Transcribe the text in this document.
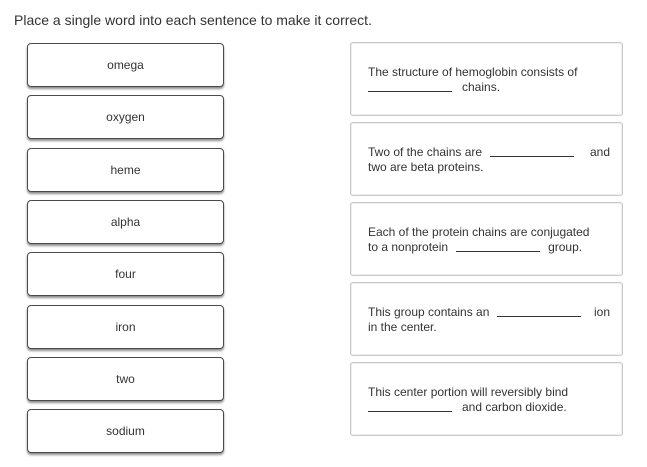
Place a single word into each sentence to make it correct.
omega
oxygen
heme
alpha
four
iron
two
sodium
The structure of hemoglobin consists of
chains.
Two of the chains are	and
two are beta proteins.
Each of the protein chains are conjugated
to a nonprotein	group.
This group contains an	ion
in the center.
This center portion will reversibly bind
and carbon dioxide.
